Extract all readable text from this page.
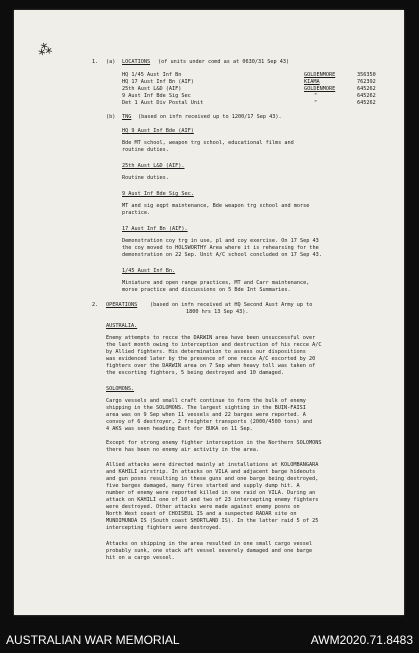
⁂
1. (a) LOCATIONS (of units under comd as at 0630/31 Sep 43)
HQ 1/45 Aust Inf Bn	GOLDENMORE	356350
HQ 17 Aust Inf Bn (AIF)	KIAMA	762392
25th Aust L&D (AIF)	GOLDENMORE	645262
9 Aust Inf Bde Sig Sec	"	645262
Det 1 Aust Div Postal Unit	"	645262
(b) TNG (based on infn received up to 1200/17 Sep 43).
HQ 9 Aust Inf Bde (AIF)
Bde MT school, weapon trg school, educational films and
routine duties.
25th Aust L&D (AIF).
Routine duties.
9 Aust Inf Bde Sig Sec.
MT and sig eqpt maintenance, Bde weapon trg school and morse
practice.
17 Aust Inf Bn (AIF).
Demonstration coy trg in use, pl and coy exercise. On 17 Sep 43
the coy moved to HOLSWORTHY Area where it is rehearsing for the
demonstration on 22 Sep. Unit A/C school concluded on 17 Sep 43.
1/45 Aust Inf Bn.
Miniature and open range practices, MT and Carr maintenance,
morse practice and discussions on 5 Bde Int Summaries.
2. OPERATIONS (based on infn received at HQ Second Aust Army up to
1800 hrs 13 Sep 43).
AUSTRALIA.
Enemy attempts to recce the DARWIN area have been unsuccessful over
the last month owing to interception and destruction of his recce A/C
by Allied fighters. His determination to assess our dispositions
was evidenced later by the presence of one recce A/C escorted by 20
fighters over the DARWIN area on 7 Sep when heavy toll was taken of
the escorting fighters, 5 being destroyed and 10 damaged.
SOLOMONS.
Cargo vessels and small craft continue to form the bulk of enemy
shipping in the SOLOMONS. The largest sighting in the BUIN-FAISI
area was on 9 Sep when 11 vessels and 22 barges were reported. A
convoy of 6 destroyer, 2 freighter transports (2000/4500 tons) and
4 AKS was seen heading East for BUKA on 11 Sep.
Except for strong enemy fighter interception in the Northern SOLOMONS
there has been no enemy air activity in the area.
Allied attacks were directed mainly at installations at KOLOMBANGARA
and KAHILI airstrip. In attacks on VILA and adjacent barge hideouts
and gun posns resulting in these guns and one barge being destroyed,
five barges damaged, many fires started and supply dump hit. A
number of enemy were reported killed in one raid on VILA. During an
attack on KAHILI one of 10 and two of 23 intercepting enemy fighters
were destroyed. Other attacks were made against enemy posns on
North West coast of CHOISEUL IS and a suspected RADAR site on
MUNDIMUNDA IS (South coast SHORTLAND IS). In the latter raid 5 of 25
intercepting fighters were destroyed.
Attacks on shipping in the area resulted in one small cargo vessel
probably sunk, one stack aft vessel severely damaged and one barge
hit on a cargo vessel.
AUSTRALIAN WAR MEMORIAL	AWM2020.71.8483
